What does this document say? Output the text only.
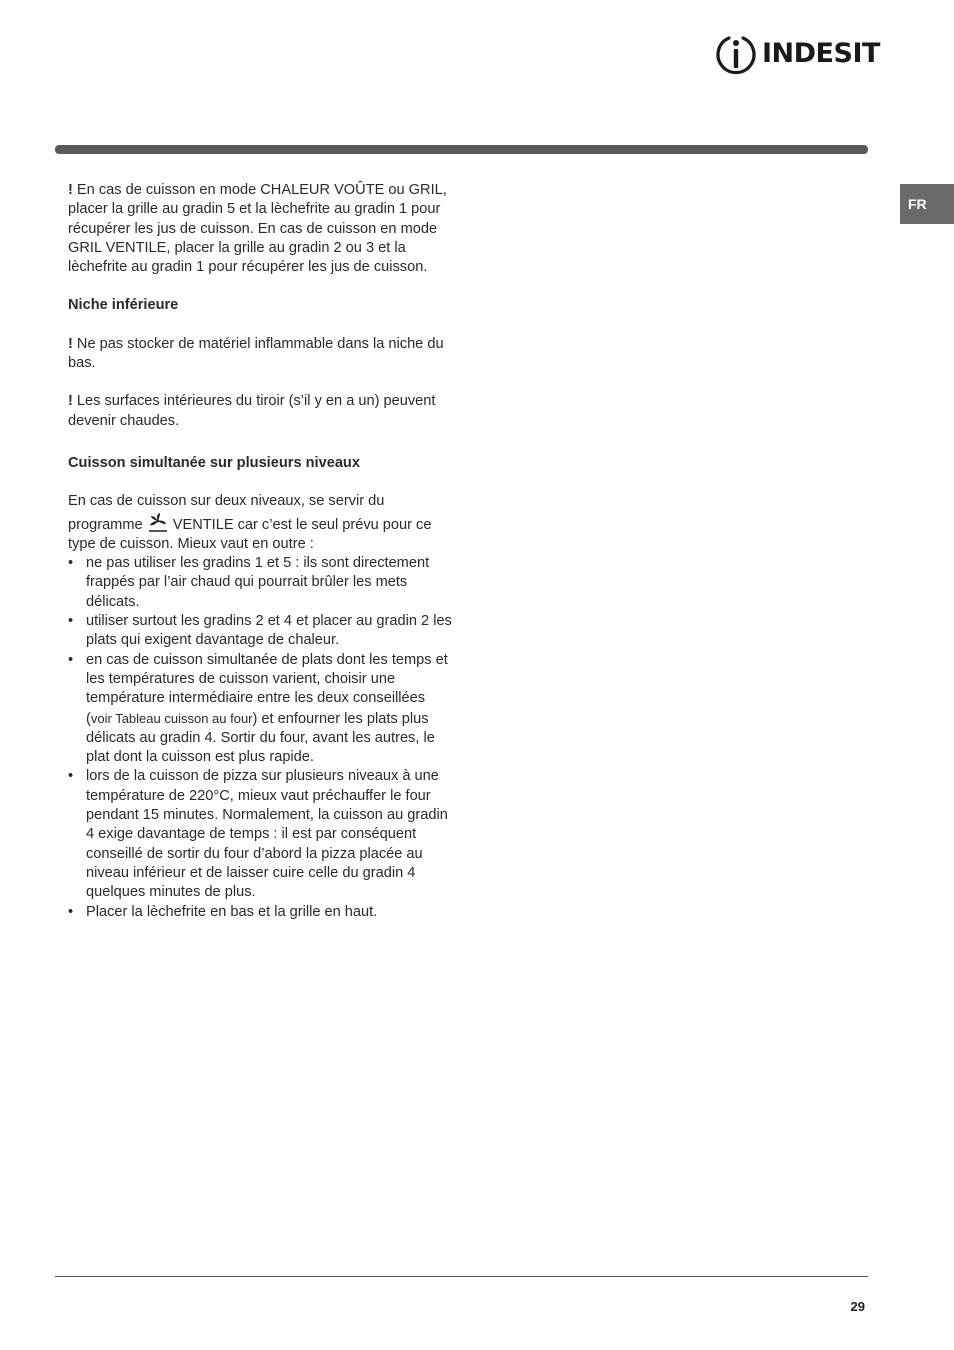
INDESIT
FR

! En cas de cuisson en mode CHALEUR VOÛTE ou GRIL, placer la grille au gradin 5 et la lèchefrite au gradin 1 pour récupérer les jus de cuisson. En cas de cuisson en mode GRIL VENTILE, placer la grille au gradin 2 ou 3 et la lèchefrite au gradin 1 pour récupérer les jus de cuisson.

Niche inférieure

! Ne pas stocker de matériel inflammable dans la niche du bas.

! Les surfaces intérieures du tiroir (s’il y en a un) peuvent devenir chaudes.

Cuisson simultanée sur plusieurs niveaux

En cas de cuisson sur deux niveaux, se servir du programme  VENTILE car c’est le seul prévu pour ce type de cuisson. Mieux vaut en outre :

• ne pas utiliser les gradins 1 et 5 : ils sont directement frappés par l’air chaud qui pourrait brûler les mets délicats.
• utiliser surtout les gradins 2 et 4 et placer au gradin 2 les plats qui exigent davantage de chaleur.
• en cas de cuisson simultanée de plats dont les temps et les températures de cuisson varient, choisir une température intermédiaire entre les deux conseillées (voir Tableau cuisson au four) et enfourner les plats plus délicats au gradin 4. Sortir du four, avant les autres, le plat dont la cuisson est plus rapide.
• lors de la cuisson de pizza sur plusieurs niveaux à une température de 220°C, mieux vaut préchauffer le four pendant 15 minutes. Normalement, la cuisson au gradin 4 exige davantage de temps : il est par conséquent conseillé de sortir du four d’abord la pizza placée au niveau inférieur et de laisser cuire celle du gradin 4 quelques minutes de plus.
• Placer la lèchefrite en bas et la grille en haut.
29
